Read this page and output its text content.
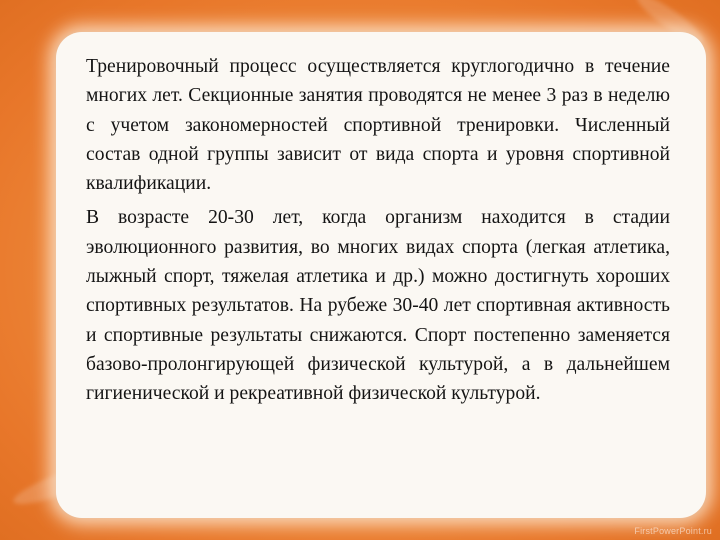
Тренировочный процесс осуществляется круглогодично в течение многих лет. Секционные занятия проводятся не менее 3 раз в неделю с учетом закономерностей спортивной тренировки. Численный состав одной группы зависит от вида спорта и уровня спортивной квалификации.

В возрасте 20-30 лет, когда организм находится в стадии эволюционного развития, во многих видах спорта (легкая атлетика, лыжный спорт, тяжелая атлетика и др.) можно достигнуть хороших спортивных результатов. На рубеже 30-40 лет спортивная активность и спортивные результаты снижаются. Спорт постепенно заменяется базово-пролонгирующей физической культурой, а в дальнейшем гигиенической и рекреативной физической культурой.

FirstPowerPoint.ru
